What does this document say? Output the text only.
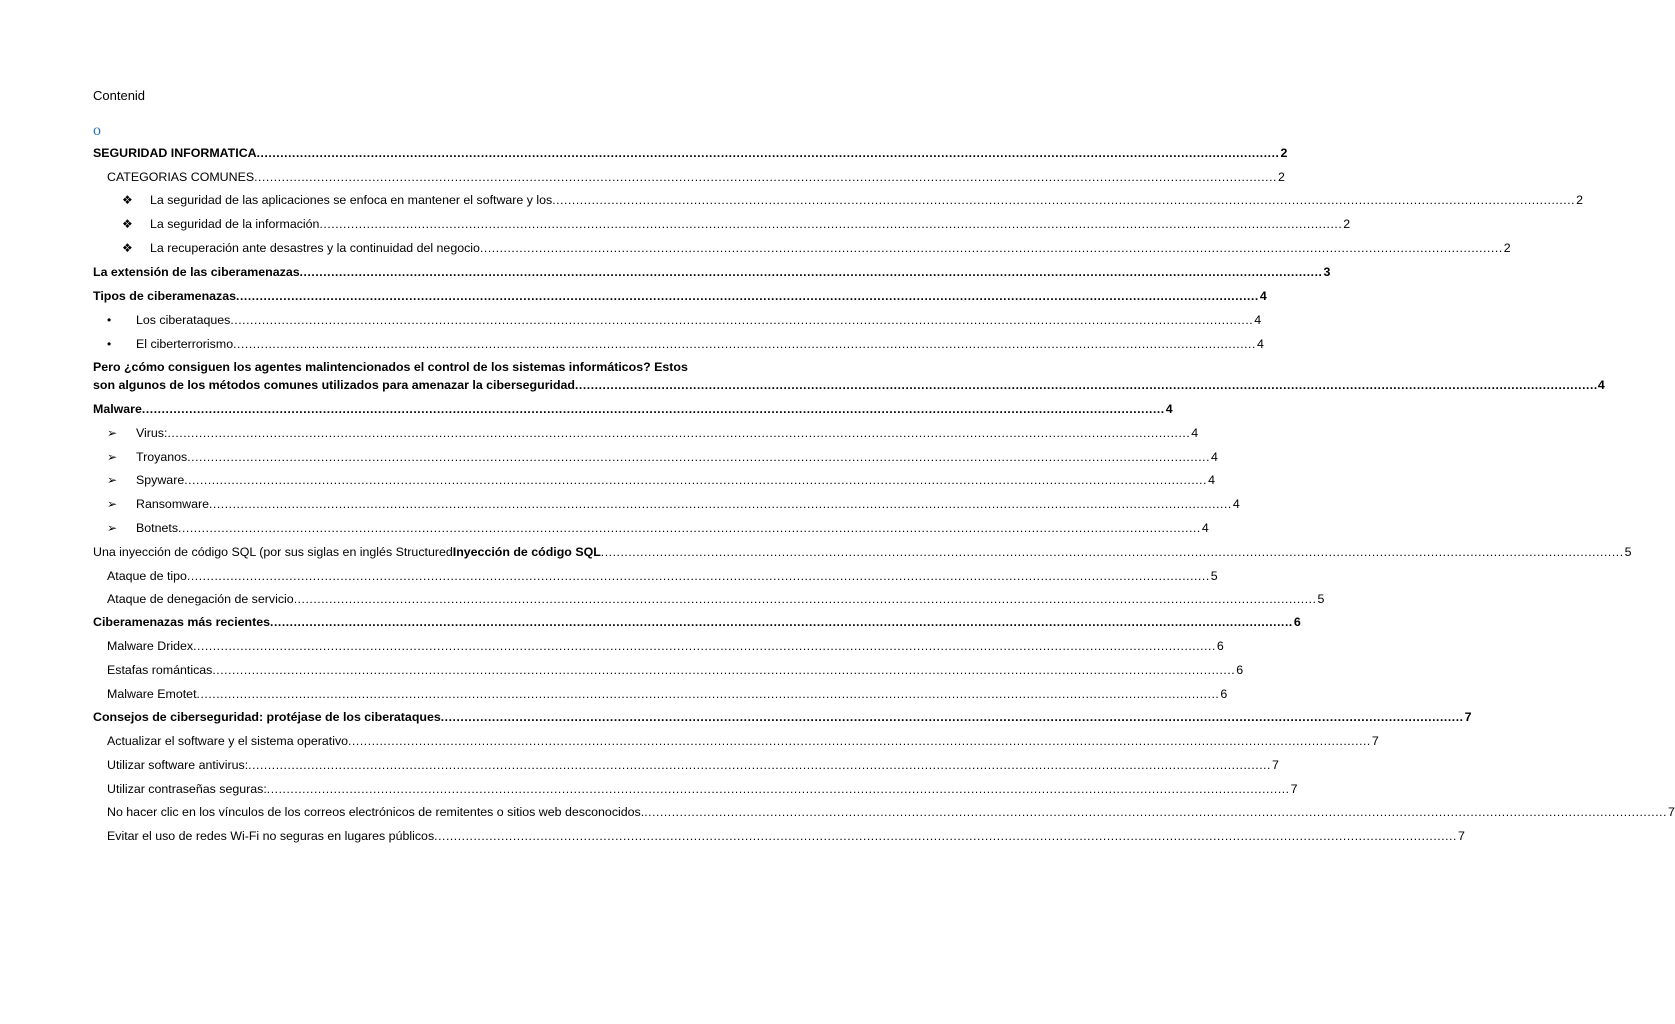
Contenid
o
SEGURIDAD INFORMATICA .................................................................................................................................................................................................................................................................... 2
CATEGORIAS COMUNES .................................................................................................................................................................................................................................................................... 2
❖ La seguridad de las aplicaciones se enfoca en mantener el software y los .................................................................................................................................................................................................................................................................... 2
❖ La seguridad de la información .................................................................................................................................................................................................................................................................... 2
❖ La recuperación ante desastres y la continuidad del negocio .................................................................................................................................................................................................................................................................... 2
La extensión de las ciberamenazas .................................................................................................................................................................................................................................................................... 3
Tipos de ciberamenazas .................................................................................................................................................................................................................................................................... 4
• Los ciberataques .................................................................................................................................................................................................................................................................... 4
• El ciberterrorismo .................................................................................................................................................................................................................................................................... 4
Pero ¿cómo consiguen los agentes malintencionados el control de los sistemas informáticos? Estos
son algunos de los métodos comunes utilizados para amenazar la ciberseguridad .................................................................................................................................................................................................................................................................... 4
Malware .................................................................................................................................................................................................................................................................... 4
➢ Virus: .................................................................................................................................................................................................................................................................... 4
➢ Troyanos .................................................................................................................................................................................................................................................................... 4
➢ Spyware .................................................................................................................................................................................................................................................................... 4
➢ Ransomware .................................................................................................................................................................................................................................................................... 4
➢ Botnets .................................................................................................................................................................................................................................................................... 4
Una inyección de código SQL (por sus siglas en inglés Structured Inyección de código SQL .................................................................................................................................................................................................................................................................... 5
Ataque de tipo .................................................................................................................................................................................................................................................................... 5
Ataque de denegación de servicio .................................................................................................................................................................................................................................................................... 5
Ciberamenazas más recientes .................................................................................................................................................................................................................................................................... 6
Malware Dridex .................................................................................................................................................................................................................................................................... 6
Estafas románticas .................................................................................................................................................................................................................................................................... 6
Malware Emotet .................................................................................................................................................................................................................................................................... 6
Consejos de ciberseguridad: protéjase de los ciberataques .................................................................................................................................................................................................................................................................... 7
Actualizar el software y el sistema operativo .................................................................................................................................................................................................................................................................... 7
Utilizar software antivirus: .................................................................................................................................................................................................................................................................... 7
Utilizar contraseñas seguras: .................................................................................................................................................................................................................................................................... 7
No hacer clic en los vínculos de los correos electrónicos de remitentes o sitios web desconocidos. .................................................................................................................................................................................................................................................................... 7
Evitar el uso de redes Wi-Fi no seguras en lugares públicos .................................................................................................................................................................................................................................................................... 7
